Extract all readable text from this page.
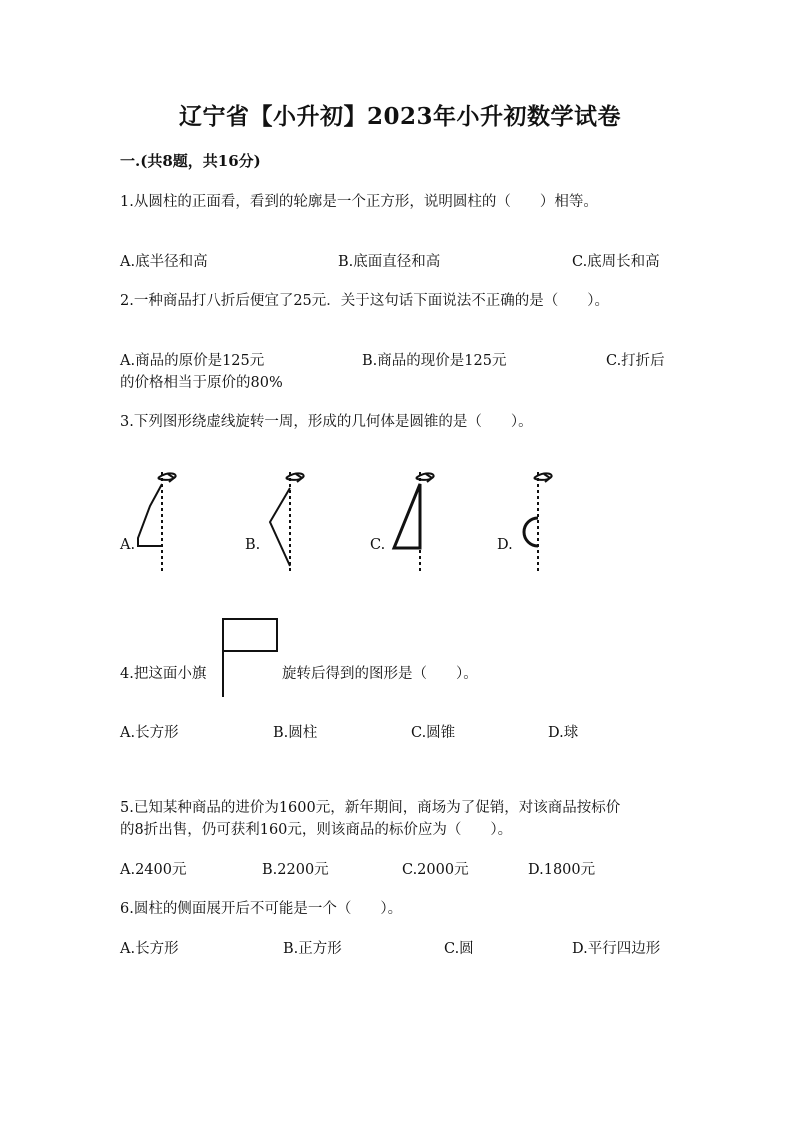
辽宁省【小升初】2023年小升初数学试卷
一.(共8题，共16分)
1.从圆柱的正面看，看到的轮廓是一个正方形，说明圆柱的（　　）相等。
A.底半径和高	B.底面直径和高	C.底周长和高
2.一种商品打八折后便宜了25元．关于这句话下面说法不正确的是（　　）。
A.商品的原价是125元	B.商品的现价是125元	C.打折后
的价格相当于原价的80%
3.下列图形绕虚线旋转一周，形成的几何体是圆锥的是（　　）。
A.	B.	C.	D.
4.把这面小旗	旋转后得到的图形是（　　）。
A.长方形	B.圆柱	C.圆锥	D.球
5.已知某种商品的进价为1600元，新年期间，商场为了促销，对该商品按标价
的8折出售，仍可获利160元，则该商品的标价应为（　　）。
A.2400元	B.2200元	C.2000元	D.1800元
6.圆柱的侧面展开后不可能是一个（　　）。
A.长方形	B.正方形	C.圆	D.平行四边形
